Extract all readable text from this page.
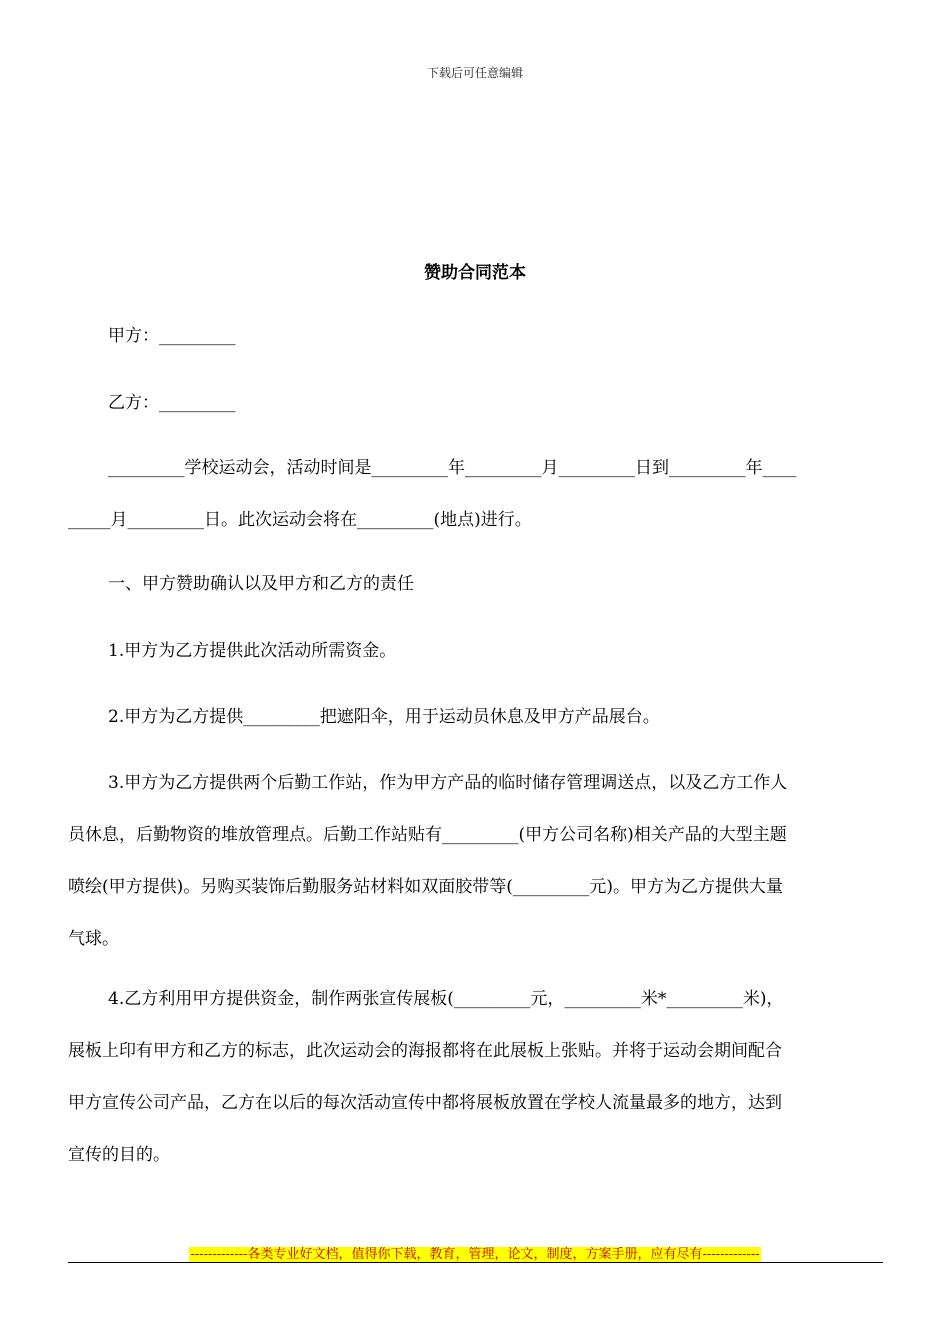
下载后可任意编辑
赞助合同范本

甲方：_________

乙方：_________

_________学校运动会，活动时间是_________年_________月_________日到_________年____
_____月_________日。此次运动会将在_________(地点)进行。

一、甲方赞助确认以及甲方和乙方的责任

1.甲方为乙方提供此次活动所需资金。

2.甲方为乙方提供_________把遮阳伞，用于运动员休息及甲方产品展台。

3.甲方为乙方提供两个后勤工作站，作为甲方产品的临时储存管理调送点，以及乙方工作人
员休息，后勤物资的堆放管理点。后勤工作站贴有_________(甲方公司名称)相关产品的大型主题
喷绘(甲方提供)。另购买装饰后勤服务站材料如双面胶带等(_________元)。甲方为乙方提供大量
气球。
4.乙方利用甲方提供资金，制作两张宣传展板(_________元，_________米*_________米)，
展板上印有甲方和乙方的标志，此次运动会的海报都将在此展板上张贴。并将于运动会期间配合
甲方宣传公司产品，乙方在以后的每次活动宣传中都将展板放置在学校人流量最多的地方，达到
宣传的目的。
-------------各类专业好文档，值得你下载，教育，管理，论文，制度，方案手册，应有尽有-------------
